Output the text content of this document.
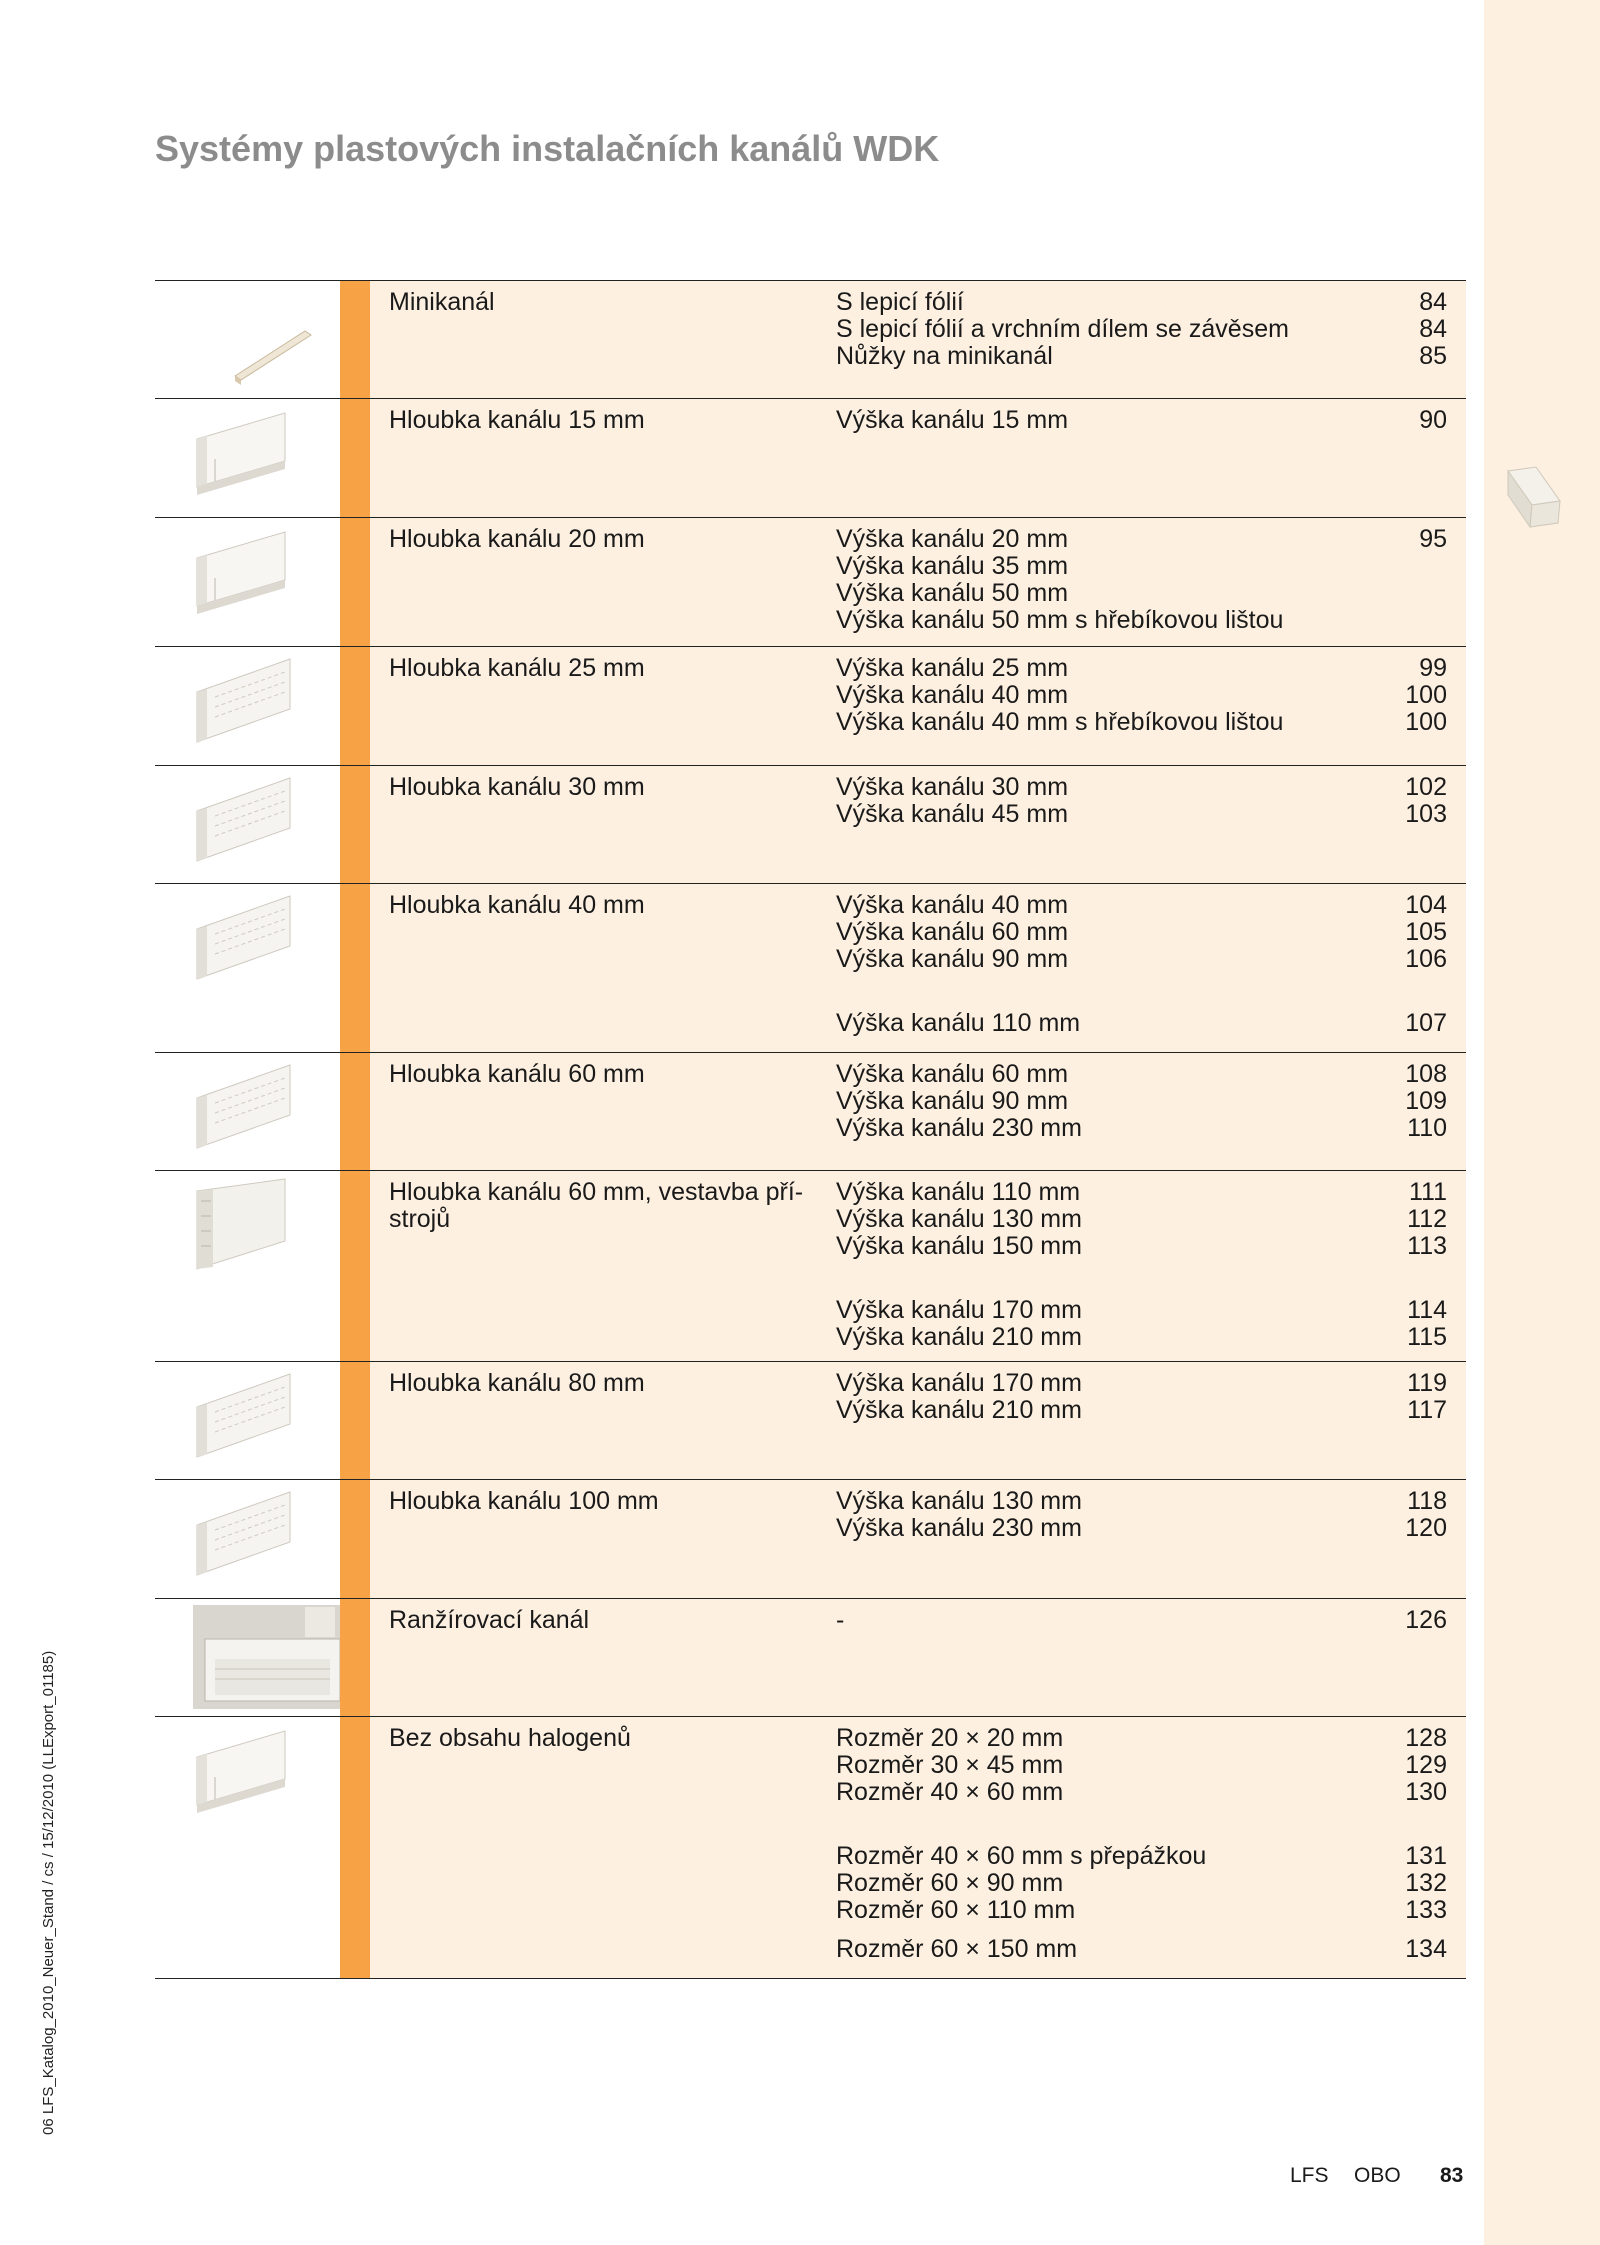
Systémy plastových instalačních kanálů WDK
Minikanál	S lepicí fólií	84
S lepicí fólií a vrchním dílem se závěsem	84
Nůžky na minikanál	85
Hloubka kanálu 15 mm	Výška kanálu 15 mm	90
Hloubka kanálu 20 mm	Výška kanálu 20 mm	95
Výška kanálu 35 mm
Výška kanálu 50 mm
Výška kanálu 50 mm s hřebíkovou lištou
Hloubka kanálu 25 mm	Výška kanálu 25 mm	99
Výška kanálu 40 mm	100
Výška kanálu 40 mm s hřebíkovou lištou	100
Hloubka kanálu 30 mm	Výška kanálu 30 mm	102
Výška kanálu 45 mm	103
Hloubka kanálu 40 mm	Výška kanálu 40 mm	104
Výška kanálu 60 mm	105
Výška kanálu 90 mm	106
Výška kanálu 110 mm	107
Hloubka kanálu 60 mm	Výška kanálu 60 mm	108
Výška kanálu 90 mm	109
Výška kanálu 230 mm	110
Hloubka kanálu 60 mm, vestavba pří-strojů
Výška kanálu 110 mm	111
Výška kanálu 130 mm	112
Výška kanálu 150 mm	113
Výška kanálu 170 mm	114
Výška kanálu 210 mm	115
Hloubka kanálu 80 mm	Výška kanálu 170 mm	119
Výška kanálu 210 mm	117
Hloubka kanálu 100 mm	Výška kanálu 130 mm	118
Výška kanálu 230 mm	120
Ranžírovací kanál	-	126
Bez obsahu halogenů	Rozměr 20 × 20 mm	128
Rozměr 30 × 45 mm	129
Rozměr 40 × 60 mm	130
Rozměr 40 × 60 mm s přepážkou	131
Rozměr 60 × 90 mm	132
Rozměr 60 × 110 mm	133
Rozměr 60 × 150 mm	134
06 LFS_Katalog_2010_Neuer_Stand / cs / 15/12/2010 (LLExport_01185)
LFS OBO 83
